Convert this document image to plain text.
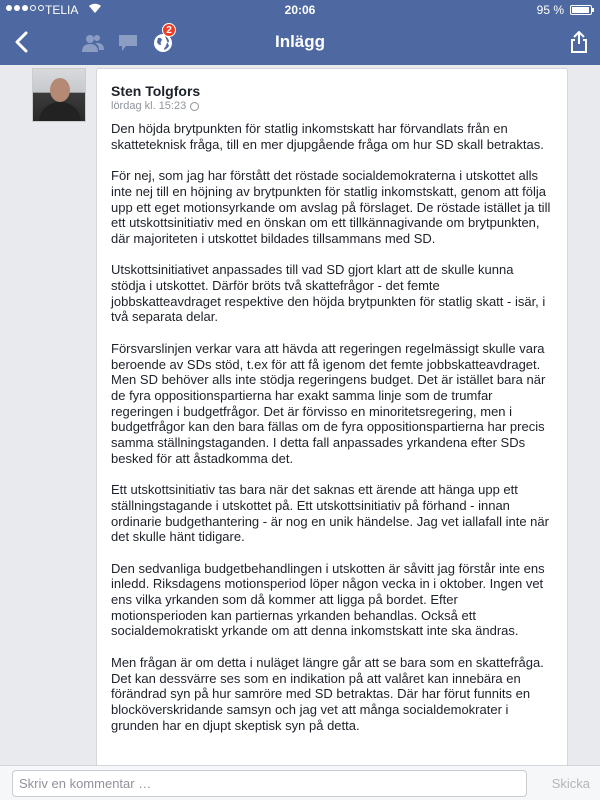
TELIA	20:06	95 %
2
Inlägg
Sten Tolgfors
lördag kl. 15:23

Den höjda brytpunkten för statlig inkomstskatt har förvandlats från en skatteteknisk fråga, till en mer djupgående fråga om hur SD skall betraktas.

För nej, som jag har förstått det röstade socialdemokraterna i utskottet alls inte nej till en höjning av brytpunkten för statlig inkomstskatt, genom att följa upp ett eget motionsyrkande om avslag på förslaget. De röstade istället ja till ett utskottsinitiativ med en önskan om ett tillkännagivande om brytpunkten, där majoriteten i utskottet bildades tillsammans med SD.

Utskottsinitiativet anpassades till vad SD gjort klart att de skulle kunna stödja i utskottet. Därför bröts två skattefrågor - det femte jobbskatteavdraget respektive den höjda brytpunkten för statlig skatt - isär, i två separata delar.

Försvarslinjen verkar vara att hävda att regeringen regelmässigt skulle vara beroende av SDs stöd, t.ex för att få igenom det femte jobbskatteavdraget. Men SD behöver alls inte stödja regeringens budget. Det är istället bara när de fyra oppositionspartierna har exakt samma linje som de trumfar regeringen i budgetfrågor. Det är förvisso en minoritetsregering, men i budgetfrågor kan den bara fällas om de fyra oppositionspartierna har precis samma ställningstaganden. I detta fall anpassades yrkandena efter SDs besked för att åstadkomma det.

Ett utskottsinitiativ tas bara när det saknas ett ärende att hänga upp ett ställningstagande i utskottet på. Ett utskottsinitiativ på förhand - innan ordinarie budgethantering - är nog en unik händelse. Jag vet iallafall inte när det skulle hänt tidigare.

Den sedvanliga budgetbehandlingen i utskotten är såvitt jag förstår inte ens inledd. Riksdagens motionsperiod löper någon vecka in i oktober. Ingen vet ens vilka yrkanden som då kommer att ligga på bordet. Efter motionsperioden kan partiernas yrkanden behandlas. Också ett socialdemokratiskt yrkande om att denna inkomstskatt inte ska ändras.

Men frågan är om detta i nuläget längre går att se bara som en skattefråga. Det kan dessvärre ses som en indikation på att valåret kan innebära en förändrad syn på hur samröre med SD betraktas. Där har förut funnits en blocköverskridande samsyn och jag vet att många socialdemokrater i grunden har en djupt skeptisk syn på detta.

Skriv en kommentar …
Skicka
